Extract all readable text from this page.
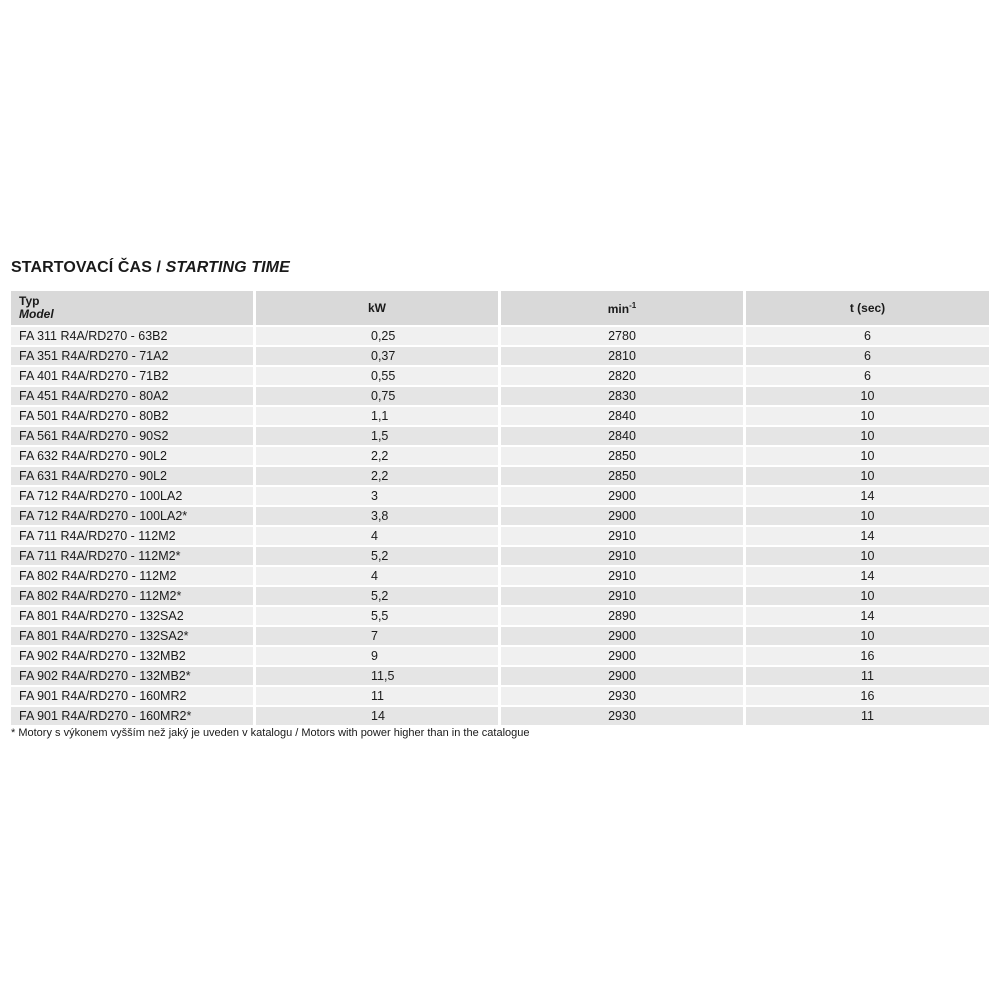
STARTOVACÍ ČAS / STARTING TIME
Typ
Model	kW	$\min^{-1}$	t (sec)
FA 311 R4A/RD270 - 63B2	0,25	2780	6
FA 351 R4A/RD270 - 71A2	0,37	2810	6
FA 401 R4A/RD270 - 71B2	0,55	2820	6
FA 451 R4A/RD270 - 80A2	0,75	2830	10
FA 501 R4A/RD270 - 80B2	1,1	2840	10
FA 561 R4A/RD270 - 90S2	1,5	2840	10
FA 632 R4A/RD270 - 90L2	2,2	2850	10
FA 631 R4A/RD270 - 90L2	2,2	2850	10
FA 712 R4A/RD270 - 100LA2	3	2900	14
FA 712 R4A/RD270 - 100LA2*	3,8	2900	10
FA 711 R4A/RD270 - 112M2	4	2910	14
FA 711 R4A/RD270 - 112M2*	5,2	2910	10
FA 802 R4A/RD270 - 112M2	4	2910	14
FA 802 R4A/RD270 - 112M2*	5,2	2910	10
FA 801 R4A/RD270 - 132SA2	5,5	2890	14
FA 801 R4A/RD270 - 132SA2*	7	2900	10
FA 902 R4A/RD270 - 132MB2	9	2900	16
FA 902 R4A/RD270 - 132MB2*	11,5	2900	11
FA 901 R4A/RD270 - 160MR2	11	2930	16
FA 901 R4A/RD270 - 160MR2*	14	2930	11
* Motory s výkonem vyšším než jaký je uveden v katalogu / Motors with power higher than in the catalogue
